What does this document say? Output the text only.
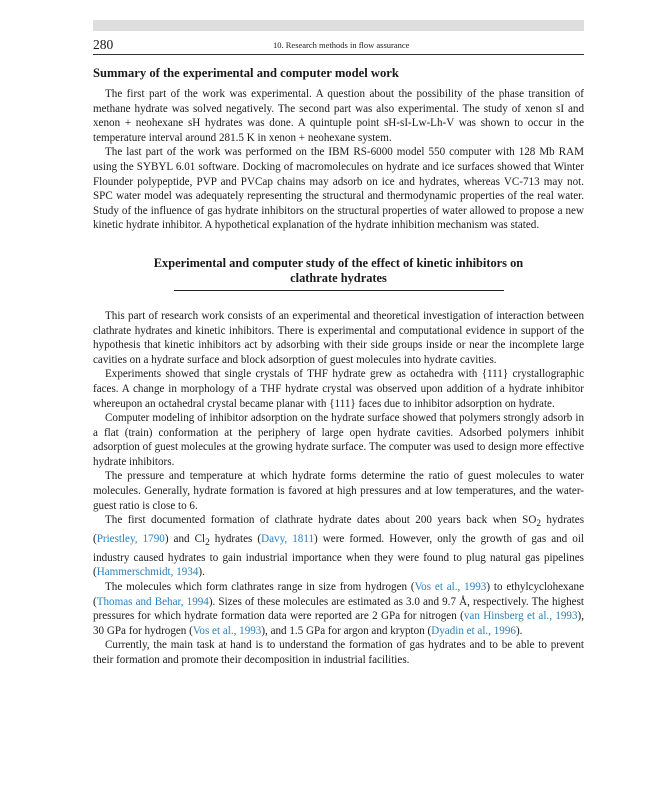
280	10. Research methods in flow assurance
Summary of the experimental and computer model work

The first part of the work was experimental. A question about the possibility of the phase transition of methane hydrate was solved negatively. The second part was also experimental. The study of xenon sI and xenon + neohexane sH hydrates was done. A quintuple point sH-sI-Lw-Lh-V was shown to occur in the temperature interval around 281.5 K in xenon + neohexane system.

The last part of the work was performed on the IBM RS-6000 model 550 computer with 128 Mb RAM using the SYBYL 6.01 software. Docking of macromolecules on hydrate and ice surfaces showed that Winter Flounder polypeptide, PVP and PVCap chains may adsorb on ice and hydrates, whereas VC-713 may not. SPC water model was adequately representing the structural and thermodynamic properties of the real water. Study of the influence of gas hydrate inhibitors on the structural properties of water allowed to propose a new kinetic hydrate inhibitor. A hypothetical explanation of the hydrate inhibition mechanism was stated.

Experimental and computer study of the effect of kinetic inhibitors on
clathrate hydrates

This part of research work consists of an experimental and theoretical investigation of interaction between clathrate hydrates and kinetic inhibitors. There is experimental and computational evidence in support of the hypothesis that kinetic inhibitors act by adsorbing with their side groups inside or near the incomplete large cavities on a hydrate surface and block adsorption of guest molecules into hydrate cavities.

Experiments showed that single crystals of THF hydrate grew as octahedra with {111} crystallographic faces. A change in morphology of a THF hydrate crystal was observed upon addition of a hydrate inhibitor whereupon an octahedral crystal became planar with {111} faces due to inhibitor adsorption on hydrate.

Computer modeling of inhibitor adsorption on the hydrate surface showed that polymers strongly adsorb in a flat (train) conformation at the periphery of large open hydrate cavities. Adsorbed polymers inhibit adsorption of guest molecules at the growing hydrate surface. The computer was used to design more effective hydrate inhibitors.

The pressure and temperature at which hydrate forms determine the ratio of guest molecules to water molecules. Generally, hydrate formation is favored at high pressures and at low temperatures, and the water-guest ratio is close to 6.

The first documented formation of clathrate hydrate dates about 200 years back when $SO_2$ hydrates (Priestley, 1790) and $Cl_2$ hydrates (Davy, 1811) were formed. However, only the growth of gas and oil industry caused hydrates to gain industrial importance when they were found to plug natural gas pipelines (Hammerschmidt, 1934).

The molecules which form clathrates range in size from hydrogen (Vos et al., 1993) to ethylcyclohexane (Thomas and Behar, 1994). Sizes of these molecules are estimated as 3.0 and 9.7 Å, respectively. The highest pressures for which hydrate formation data were reported are 2 GPa for nitrogen (van Hinsberg et al., 1993), 30 GPa for hydrogen (Vos et al., 1993), and 1.5 GPa for argon and krypton (Dyadin et al., 1996).

Currently, the main task at hand is to understand the formation of gas hydrates and to be able to prevent their formation and promote their decomposition in industrial facilities.
